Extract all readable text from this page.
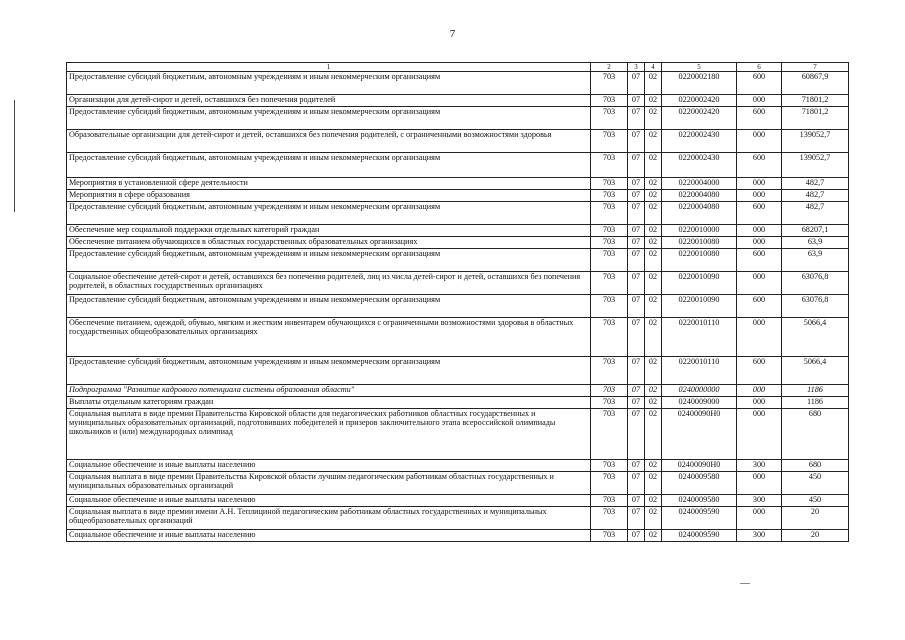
7
1	2	3	4	5	6	7
Предоставление субсидий бюджетным, автономным учреждениям и иным некоммерческим организациям	703	07	02	0220002180	600	60867,9
Организации для детей-сирот и детей, оставшихся без попечения родителей	703	07	02	0220002420	000	71801,2
Предоставление субсидий бюджетным, автономным учреждениям и иным некоммерческим организациям	703	07	02	0220002420	600	71801,2
Образовательные организации для детей-сирот и детей, оставшихся без попечения родителей, с ограниченными возможностями здоровья	703	07	02	0220002430	000	139052,7
Предоставление субсидий бюджетным, автономным учреждениям и иным некоммерческим организациям	703	07	02	0220002430	600	139052,7
Мероприятия в установленной сфере деятельности	703	07	02	0220004000	000	482,7
Мероприятия в сфере образования	703	07	02	0220004080	000	482,7
Предоставление субсидий бюджетным, автономным учреждениям и иным некоммерческим организациям	703	07	02	0220004080	600	482,7
Обеспечение мер социальной поддержки отдельных категорий граждан	703	07	02	0220010000	000	68207,1
Обеспечение питанием обучающихся в областных государственных образовательных организациях	703	07	02	0220010080	000	63,9
Предоставление субсидий бюджетным, автономным учреждениям и иным некоммерческим организациям	703	07	02	0220010080	600	63,9
Социальное обеспечение детей-сирот и детей, оставшихся без попечения родителей, лиц из числа детей-сирот и детей, оставшихся без попечения родителей, в областных государственных организациях	703	07	02	0220010090	000	63076,8
Предоставление субсидий бюджетным, автономным учреждениям и иным некоммерческим организациям	703	07	02	0220010090	600	63076,8
Обеспечение питанием, одеждой, обувью, мягким и жестким инвентарем обучающихся с ограниченными возможностями здоровья в областных государственных общеобразовательных организациях	703	07	02	0220010110	000	5066,4
Предоставление субсидий бюджетным, автономным учреждениям и иным некоммерческим организациям	703	07	02	0220010110	600	5066,4
Подпрограмма "Развитие кадрового потенциала системы образования области"	703	07	02	0240000000	000	1186
Выплаты отдельным категориям граждан	703	07	02	0240009000	000	1186
Социальная выплата в виде премии Правительства Кировской области для педагогических работников областных государственных и муниципальных образовательных организаций, подготовивших победителей и призеров заключительного этапа всероссийской олимпиады школьников и (или) международных олимпиад	703	07	02	02400090Н0	000	680
Социальное обеспечение и иные выплаты населению	703	07	02	02400090Н0	300	680
Социальная выплата в виде премии Правительства Кировской области лучшим педагогическим работникам областных государственных и муниципальных образовательных организаций	703	07	02	0240009580	000	450
Социальное обеспечение и иные выплаты населению	703	07	02	0240009580	300	450
Социальная выплата в виде премии имени А.Н. Теплициной педагогическим работникам областных государственных и муниципальных общеобразовательных организаций	703	07	02	0240009590	000	20
Социальное обеспечение и иные выплаты населению	703	07	02	0240009590	300	20
